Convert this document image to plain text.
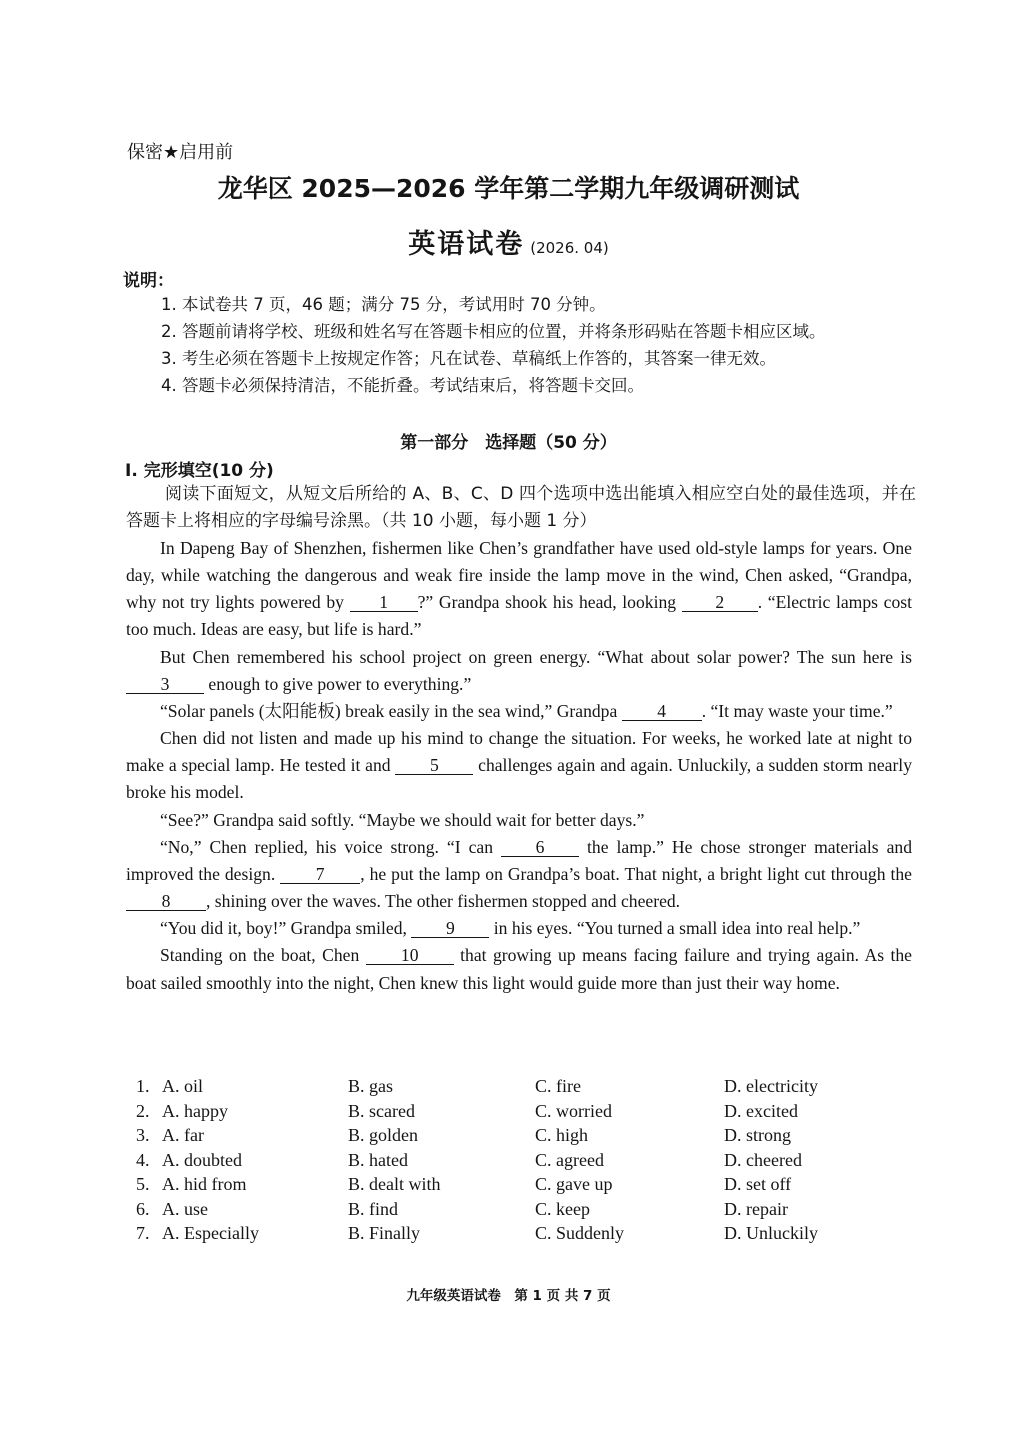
保密★启用前
龙华区 2025—2026 学年第二学期九年级调研测试
英语试卷 (2026. 04)
说明：
1. 本试卷共 7 页，46 题；满分 75 分，考试用时 70 分钟。
2. 答题前请将学校、班级和姓名写在答题卡相应的位置，并将条形码贴在答题卡相应区域。
3. 考生必须在答题卡上按规定作答；凡在试卷、草稿纸上作答的，其答案一律无效。
4. 答题卡必须保持清洁，不能折叠。考试结束后，将答题卡交回。
第一部分　选择题（50 分）
I. 完形填空(10 分)
阅读下面短文，从短文后所给的 A、B、C、D 四个选项中选出能填入相应空白处的最佳选项，并在答题卡上将相应的字母编号涂黑。（共 10 小题，每小题 1 分）

In Dapeng Bay of Shenzhen, fishermen like Chen’s grandfather have used old-style lamps for years. One day, while watching the dangerous and weak fire inside the lamp move in the wind, Chen asked, “Grandpa, why not try lights powered by 1 ?” Grandpa shook his head, looking 2 . “Electric lamps cost too much. Ideas are easy, but life is hard.”

But Chen remembered his school project on green energy. “What about solar power? The sun here is 3 enough to give power to everything.”

“Solar panels (太阳能板) break easily in the sea wind,” Grandpa 4 . “It may waste your time.”

Chen did not listen and made up his mind to change the situation. For weeks, he worked late at night to make a special lamp. He tested it and 5 challenges again and again. Unluckily, a sudden storm nearly broke his model.

“See?” Grandpa said softly. “Maybe we should wait for better days.”

“No,” Chen replied, his voice strong. “I can 6 the lamp.” He chose stronger materials and improved the design. 7 , he put the lamp on Grandpa’s boat. That night, a bright light cut through the 8 , shining over the waves. The other fishermen stopped and cheered.

“You did it, boy!” Grandpa smiled, 9 in his eyes. “You turned a small idea into real help.”

Standing on the boat, Chen 10 that growing up means facing failure and trying again. As the boat sailed smoothly into the night, Chen knew this light would guide more than just their way home.

1. A. oil	B. gas	C. fire	D. electricity
2. A. happy	B. scared	C. worried	D. excited
3. A. far	B. golden	C. high	D. strong
4. A. doubted	B. hated	C. agreed	D. cheered
5. A. hid from	B. dealt with	C. gave up	D. set off
6. A. use	B. find	C. keep	D. repair
7. A. Especially	B. Finally	C. Suddenly	D. Unluckily
九年级英语试卷　第 1 页 共 7 页
